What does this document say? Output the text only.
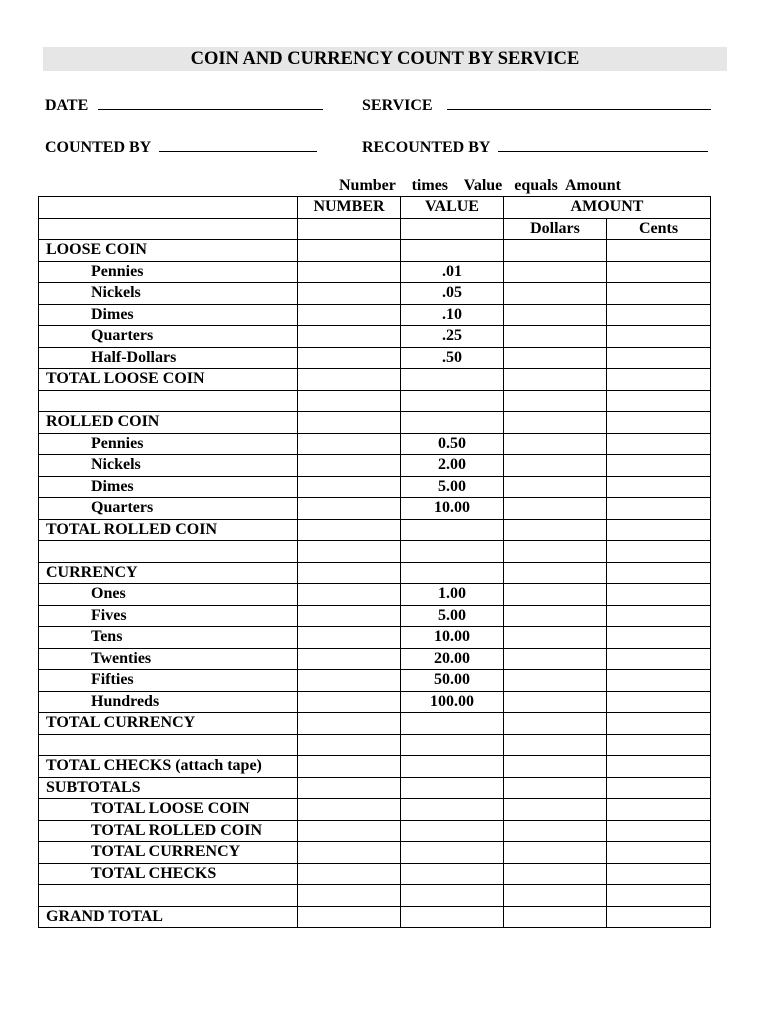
COIN AND CURRENCY COUNT BY SERVICE
DATE	SERVICE
COUNTED BY	RECOUNTED BY
Number    times    Value   equals  Amount
	NUMBER	VALUE	AMOUNT	
			Dollars	Cents
LOOSE COIN				
Pennies		.01		
Nickels		.05		
Dimes		.10		
Quarters		.25		
Half-Dollars		.50		
TOTAL LOOSE COIN				

ROLLED COIN				
Pennies		0.50		
Nickels		2.00		
Dimes		5.00		
Quarters		10.00		
TOTAL ROLLED COIN				

CURRENCY				
Ones		1.00		
Fives		5.00		
Tens		10.00		
Twenties		20.00		
Fifties		50.00		
Hundreds		100.00		
TOTAL CURRENCY				

TOTAL CHECKS (attach tape)				
SUBTOTALS				
TOTAL LOOSE COIN				
TOTAL ROLLED COIN				
TOTAL CURRENCY				
TOTAL CHECKS				

GRAND TOTAL				
